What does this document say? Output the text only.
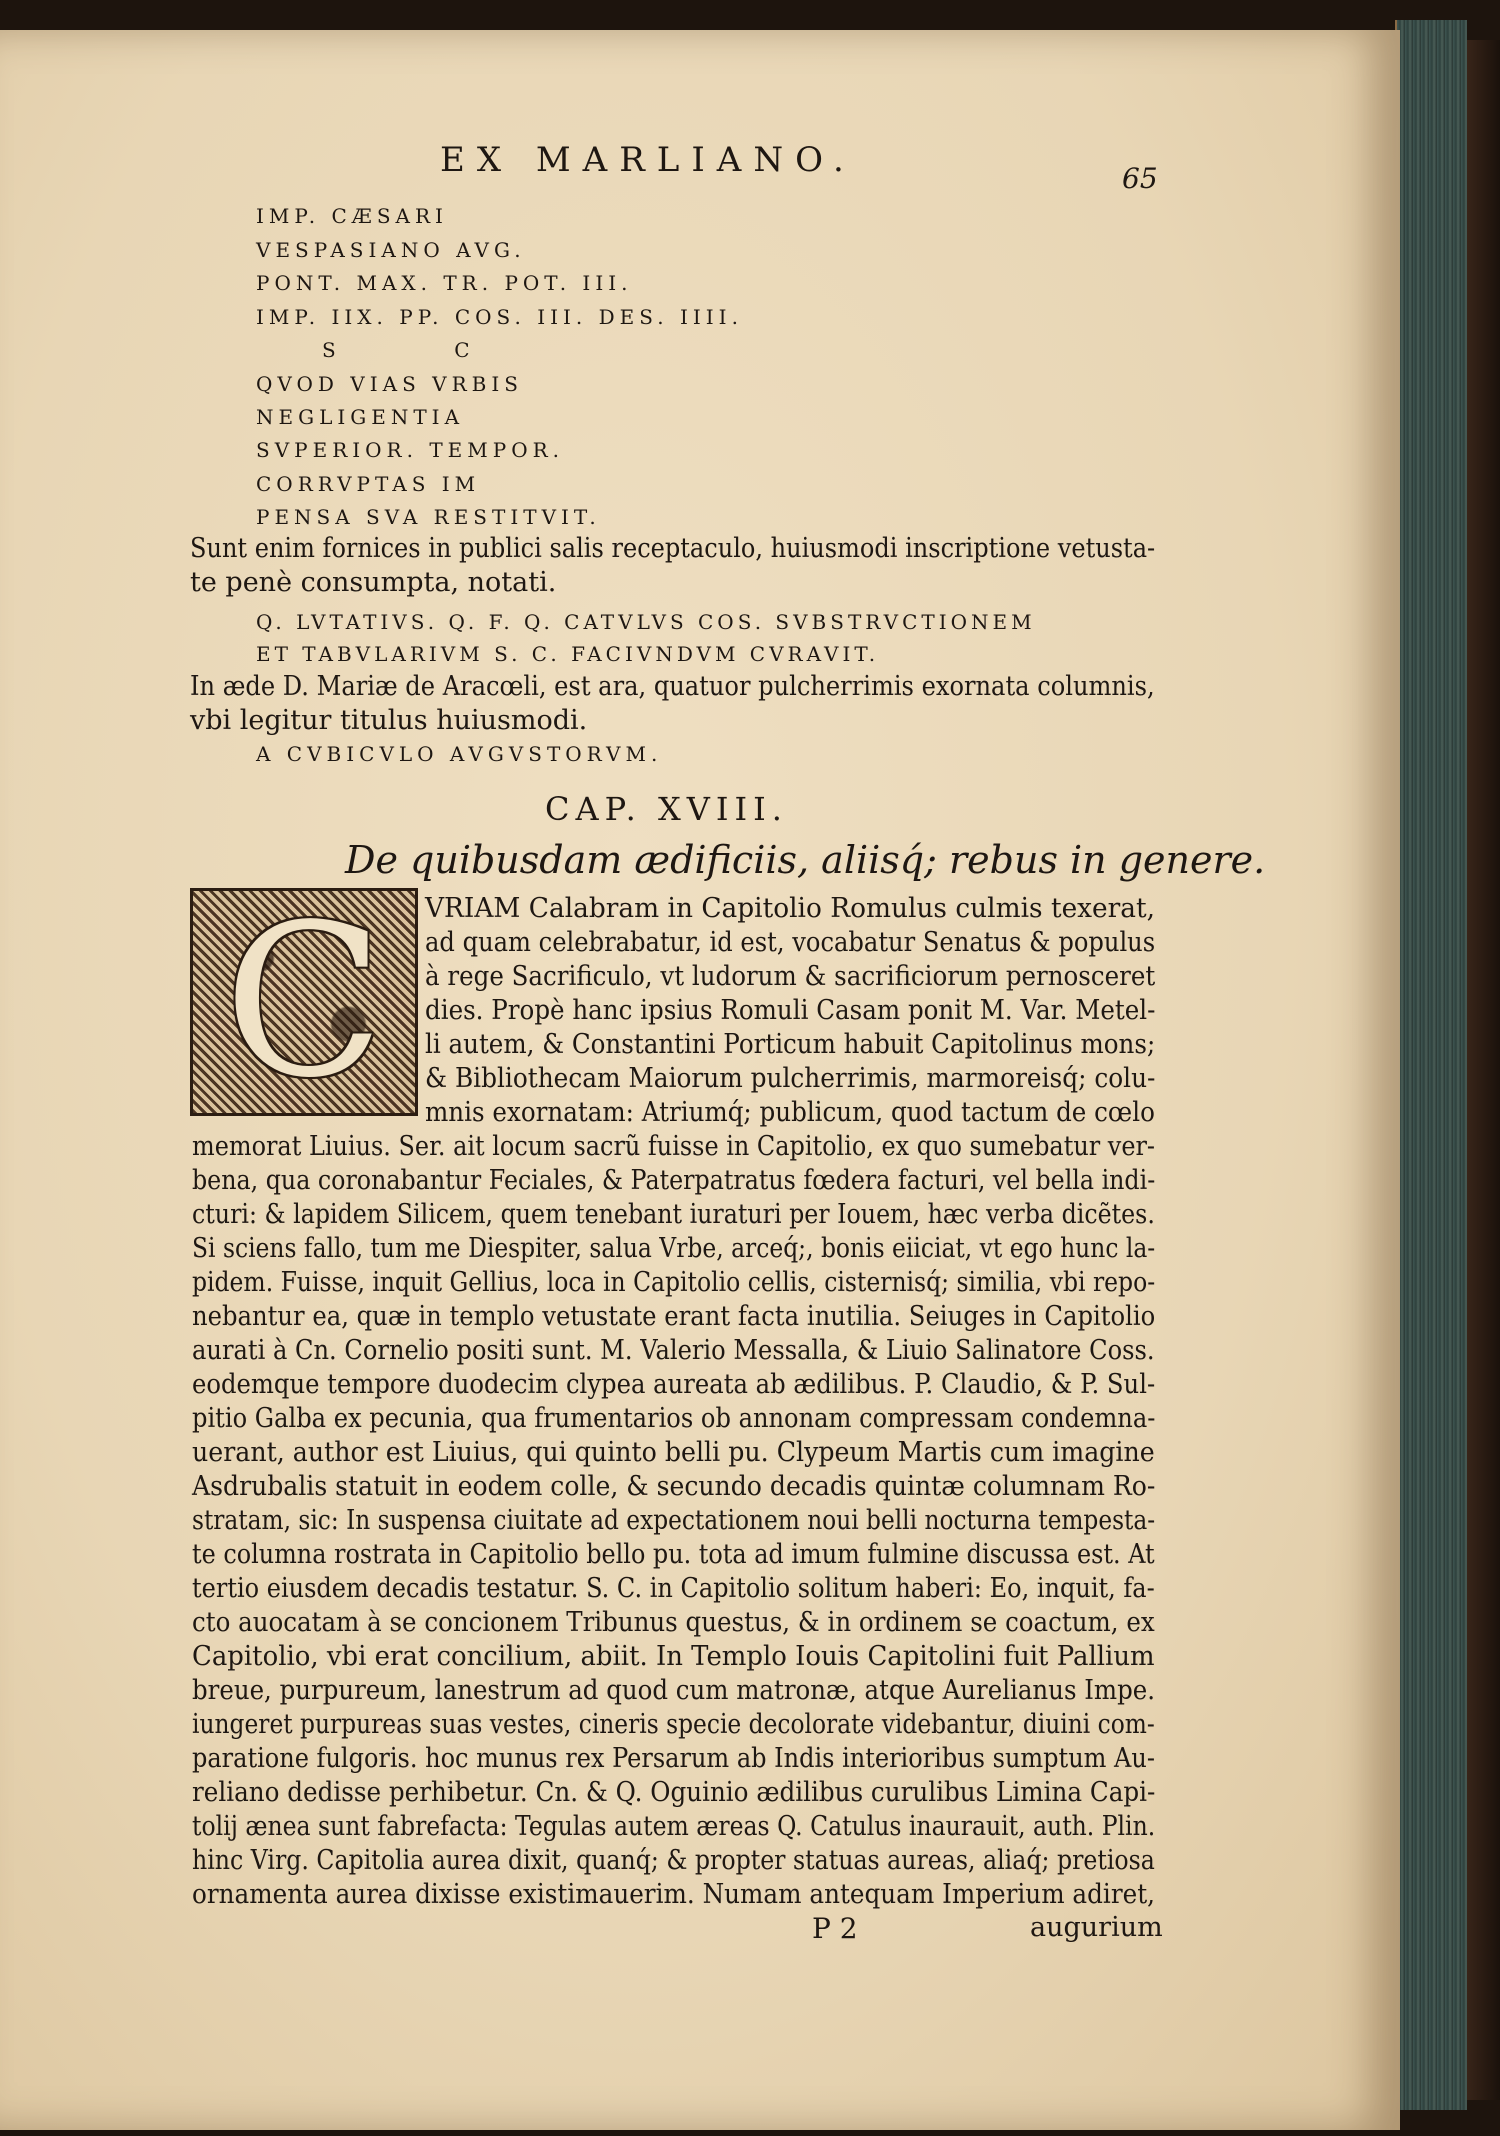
EX MARLIANO.	65
IMP. CÆSARI
VESPASIANO AVG.
PONT. MAX. TR. POT. III.
IMP. IIX. PP. COS. III. DES. IIII.
S          C
QVOD VIAS VRBIS
NEGLIGENTIA
SVPERIOR. TEMPOR.
CORRVPTAS IM
PENSA SVA RESTITVIT.
Sunt enim fornices in publici salis receptaculo, huiusmodi inscriptione vetusta-
te penè consumpta, notati.
Q. LVTATIVS. Q. F. Q. CATVLVS COS. SVBSTRVCTIONEM
ET TABVLARIVM S. C. FACIVNDVM CVRAVIT.
In æde D. Mariæ de Aracœli, est ara, quatuor pulcherrimis exornata columnis,
vbi legitur titulus huiusmodi.
A CVBICVLO AVGVSTORVM.
CAP. XVIII.
De quibusdam ædificiis, aliisq́; rebus in genere.
C VRIAM Calabram in Capitolio Romulus culmis texerat,
ad quam celebrabatur, id est, vocabatur Senatus & populus
à rege Sacrificulo, vt ludorum & sacrificiorum pernosceret
dies. Propè hanc ipsius Romuli Casam ponit M. Var. Metel-
li autem, & Constantini Porticum habuit Capitolinus mons;
& Bibliothecam Maiorum pulcherrimis, marmoreisq́; colu-
mnis exornatam: Atriumq́; publicum, quod tactum de cœlo
memorat Liuius. Ser. ait locum sacrũ fuisse in Capitolio, ex quo sumebatur ver-
bena, qua coronabantur Feciales, & Paterpatratus fœdera facturi, vel bella indi-
cturi: & lapidem Silicem, quem tenebant iuraturi per Iouem, hæc verba dicẽtes.
Si sciens fallo, tum me Diespiter, salua Vrbe, arceq́;, bonis eiiciat, vt ego hunc la-
pidem. Fuisse, inquit Gellius, loca in Capitolio cellis, cisternisq́; similia, vbi repo-
nebantur ea, quæ in templo vetustate erant facta inutilia. Seiuges in Capitolio
aurati à Cn. Cornelio positi sunt. M. Valerio Messalla, & Liuio Salinatore Coss.
eodemque tempore duodecim clypea aureata ab ædilibus. P. Claudio, & P. Sul-
pitio Galba ex pecunia, qua frumentarios ob annonam compressam condemna-
uerant, author est Liuius, qui quinto belli pu. Clypeum Martis cum imagine
Asdrubalis statuit in eodem colle, & secundo decadis quintæ columnam Ro-
stratam, sic: In suspensa ciuitate ad expectationem noui belli nocturna tempesta-
te columna rostrata in Capitolio bello pu. tota ad imum fulmine discussa est. At
tertio eiusdem decadis testatur. S. C. in Capitolio solitum haberi: Eo, inquit, fa-
cto auocatam à se concionem Tribunus questus, & in ordinem se coactum, ex
Capitolio, vbi erat concilium, abiit. In Templo Iouis Capitolini fuit Pallium
breue, purpureum, lanestrum ad quod cum matronæ, atque Aurelianus Impe.
iungeret purpureas suas vestes, cineris specie decolorate videbantur, diuini com-
paratione fulgoris. hoc munus rex Persarum ab Indis interioribus sumptum Au-
reliano dedisse perhibetur. Cn. & Q. Oguinio ædilibus curulibus Limina Capi-
tolij ænea sunt fabrefacta: Tegulas autem æreas Q. Catulus inaurauit, auth. Plin.
hinc Virg. Capitolia aurea dixit, quanq́; & propter statuas aureas, aliaq́; pretiosa
ornamenta aurea dixisse existimauerim. Numam antequam Imperium adiret,
P 2	augurium
